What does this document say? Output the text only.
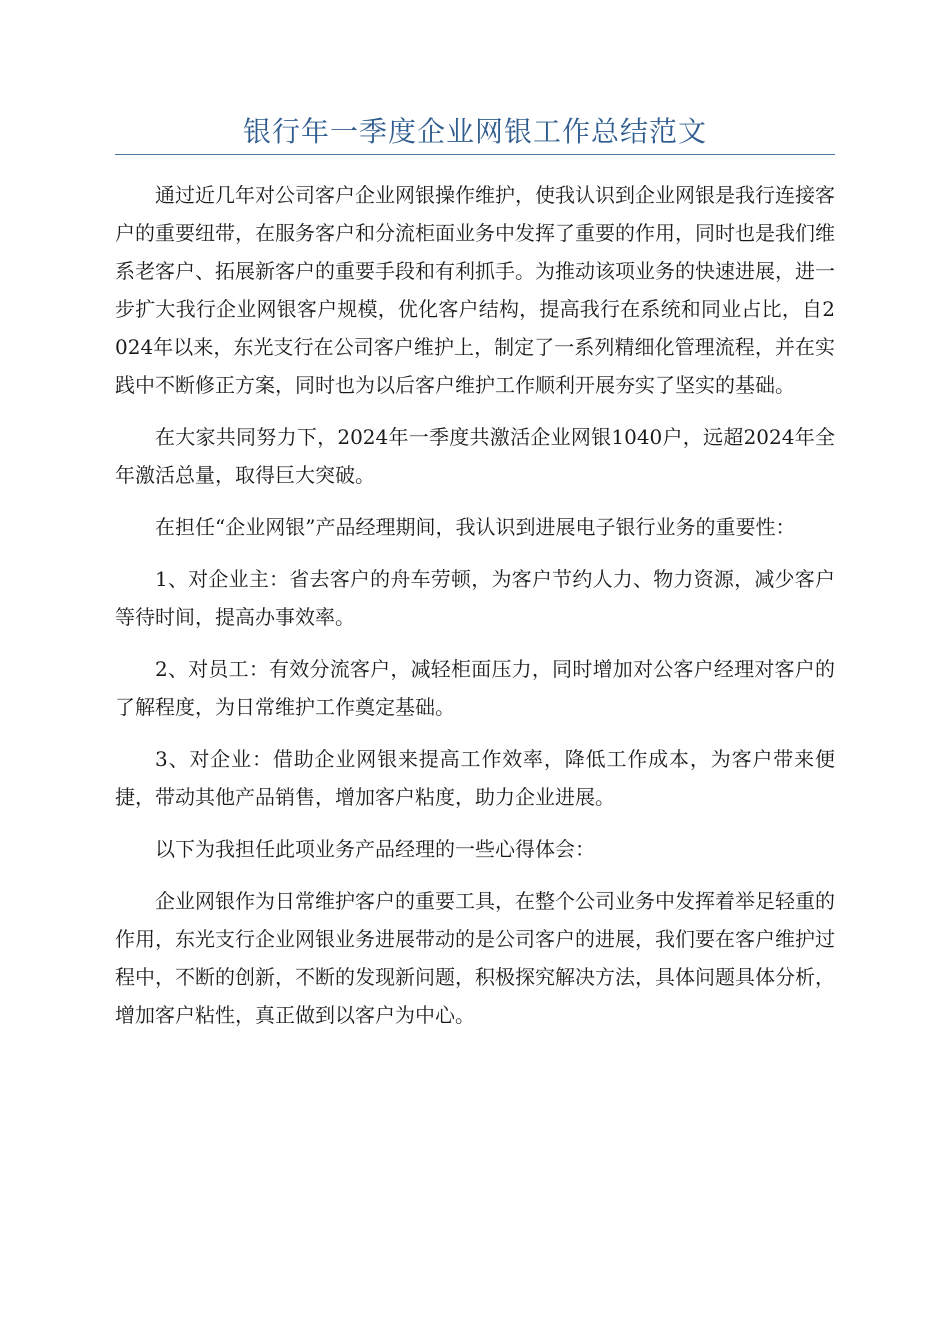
银行年一季度企业网银工作总结范文

通过近几年对公司客户企业网银操作维护，使我认识到企业网银是我行连接客户的重要纽带，在服务客户和分流柜面业务中发挥了重要的作用，同时也是我们维系老客户、拓展新客户的重要手段和有利抓手。为推动该项业务的快速进展，进一步扩大我行企业网银客户规模，优化客户结构，提高我行在系统和同业占比，自2024年以来，东光支行在公司客户维护上，制定了一系列精细化管理流程，并在实践中不断修正方案，同时也为以后客户维护工作顺利开展夯实了坚实的基础。

在大家共同努力下，2024年一季度共激活企业网银1040户，远超2024年全年激活总量，取得巨大突破。

在担任“企业网银”产品经理期间，我认识到进展电子银行业务的重要性：

1、对企业主：省去客户的舟车劳顿，为客户节约人力、物力资源，减少客户等待时间，提高办事效率。

2、对员工：有效分流客户，减轻柜面压力，同时增加对公客户经理对客户的了解程度，为日常维护工作奠定基础。

3、对企业：借助企业网银来提高工作效率，降低工作成本，为客户带来便捷，带动其他产品销售，增加客户粘度，助力企业进展。

以下为我担任此项业务产品经理的一些心得体会：

企业网银作为日常维护客户的重要工具，在整个公司业务中发挥着举足轻重的作用，东光支行企业网银业务进展带动的是公司客户的进展，我们要在客户维护过程中，不断的创新，不断的发现新问题，积极探究解决方法，具体问题具体分析，增加客户粘性，真正做到以客户为中心。
